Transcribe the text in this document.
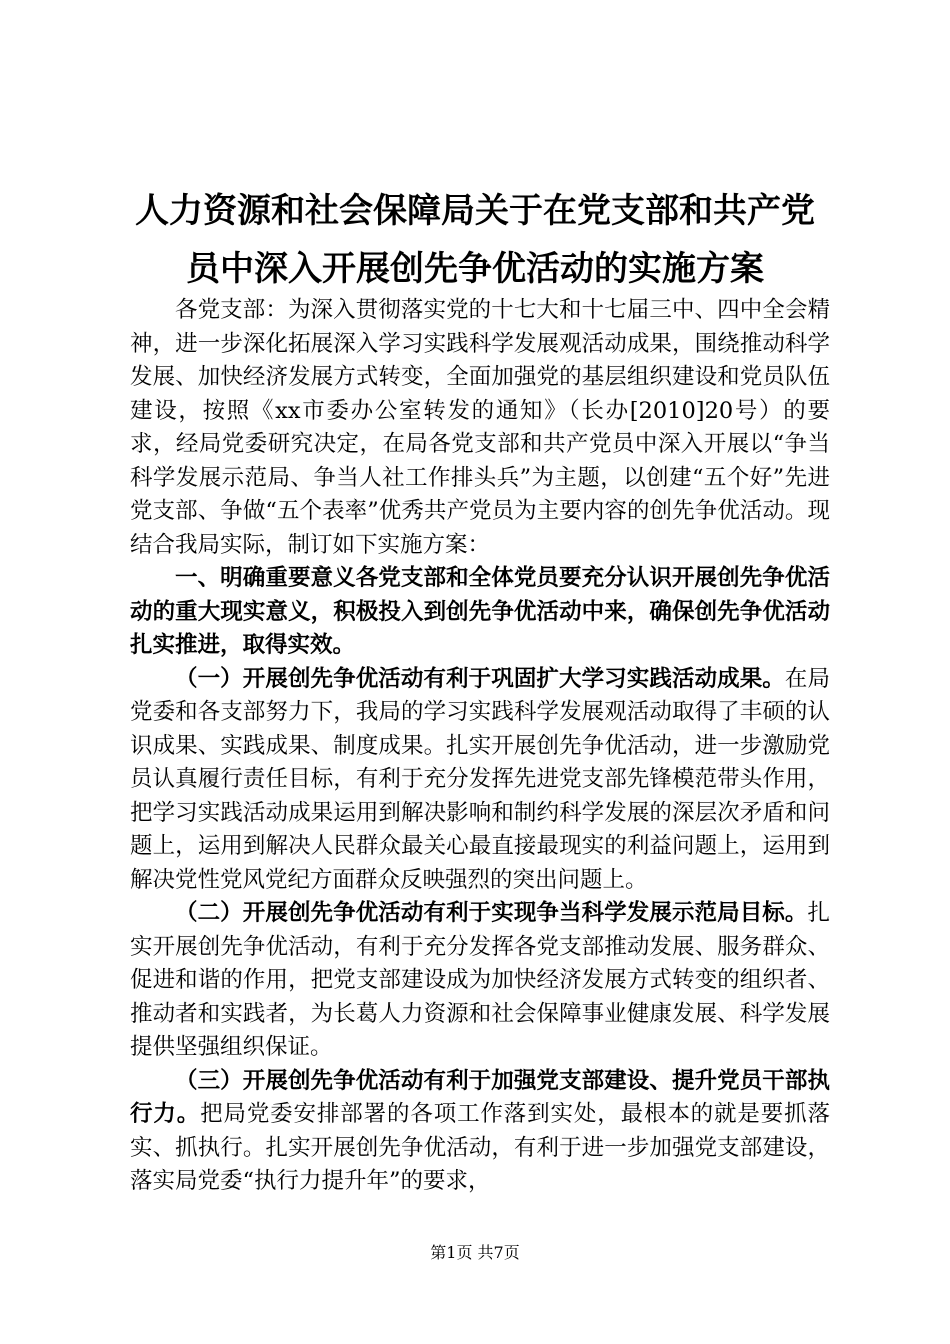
人力资源和社会保障局关于在党支部和共产党
员中深入开展创先争优活动的实施方案

各党支部：为深入贯彻落实党的十七大和十七届三中、四中全会精神，进一步深化拓展深入学习实践科学发展观活动成果，围绕推动科学发展、加快经济发展方式转变，全面加强党的基层组织建设和党员队伍建设，按照《xx市委办公室转发的通知》（长办[2010]20号）的要求，经局党委研究决定，在局各党支部和共产党员中深入开展以“争当科学发展示范局、争当人社工作排头兵”为主题，以创建“五个好”先进党支部、争做“五个表率”优秀共产党员为主要内容的创先争优活动。现结合我局实际，制订如下实施方案：

一、明确重要意义各党支部和全体党员要充分认识开展创先争优活动的重大现实意义，积极投入到创先争优活动中来，确保创先争优活动扎实推进，取得实效。

（一）开展创先争优活动有利于巩固扩大学习实践活动成果。在局党委和各支部努力下，我局的学习实践科学发展观活动取得了丰硕的认识成果、实践成果、制度成果。扎实开展创先争优活动，进一步激励党员认真履行责任目标，有利于充分发挥先进党支部先锋模范带头作用，把学习实践活动成果运用到解决影响和制约科学发展的深层次矛盾和问题上，运用到解决人民群众最关心最直接最现实的利益问题上，运用到解决党性党风党纪方面群众反映强烈的突出问题上。

（二）开展创先争优活动有利于实现争当科学发展示范局目标。扎实开展创先争优活动，有利于充分发挥各党支部推动发展、服务群众、促进和谐的作用，把党支部建设成为加快经济发展方式转变的组织者、推动者和实践者，为长葛人力资源和社会保障事业健康发展、科学发展提供坚强组织保证。

（三）开展创先争优活动有利于加强党支部建设、提升党员干部执行力。把局党委安排部署的各项工作落到实处，最根本的就是要抓落实、抓执行。扎实开展创先争优活动，有利于进一步加强党支部建设，落实局党委“执行力提升年”的要求，

第1页 共7页
